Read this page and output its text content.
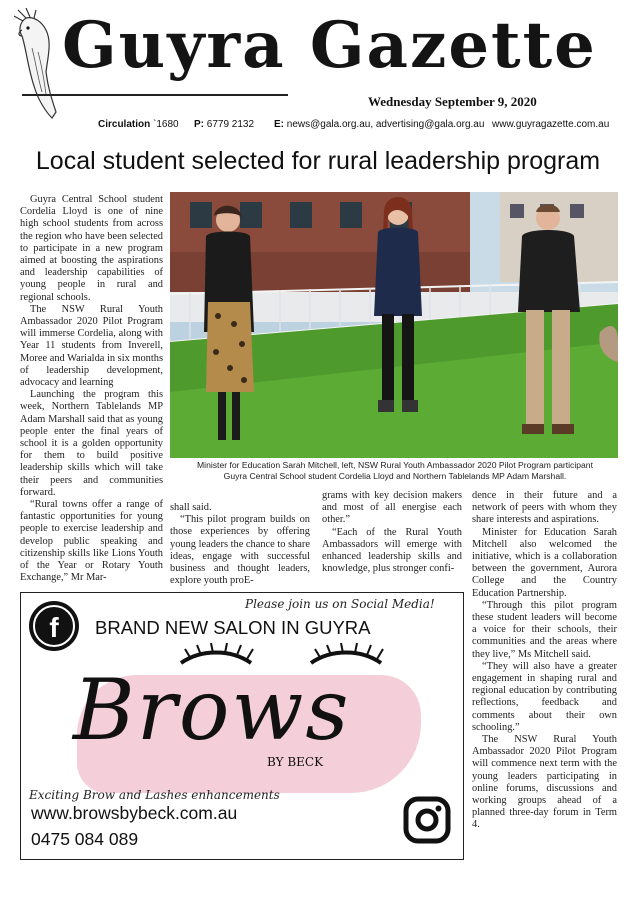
Guyra Gazette
Wednesday September 9, 2020
Circulation `1680 P: 6779 2132 E: news@gala.org.au, advertising@gala.org.au www.guyragazette.com.au
Local student selected for rural leadership program

Guyra Central School student Cordelia Lloyd is one of nine high school students from across the region who have been selected to participate in a new program aimed at boosting the aspirations and leadership capabilities of young people in rural and regional schools.

The NSW Rural Youth Ambassador 2020 Pilot Program will immerse Cordelia, along with Year 11 students from Inverell, Moree and Warialda in six months of leadership development, advocacy and learning

Launching the program this week, Northern Tablelands MP Adam Marshall said that as young people enter the final years of school it is a golden opportunity for them to build positive leadership skills which will take their peers and communities forward.

“Rural towns offer a range of fantastic opportunities for young people to exercise leadership and develop public speaking and citizenship skills like Lions Youth of the Year or Rotary Youth Exchange,” Mr Mar-

Minister for Education Sarah Mitchell, left, NSW Rural Youth Ambassador 2020 Pilot Program participant
Guyra Central School student Cordelia Lloyd and Northern Tablelands MP Adam Marshall.

shall said.

“This pilot program builds on those experiences by offering young leaders the chance to share ideas, engage with successful business and thought leaders, explore youth proE-

grams with key decision makers and most of all energise each other.”

“Each of the Rural Youth Ambassadors will emerge with enhanced leadership skills and knowledge, plus stronger confi-

dence in their future and a network of peers with whom they share interests and aspirations.

Minister for Education Sarah Mitchell also welcomed the initiative, which is a collaboration between the government, Aurora College and the Country Education Partnership.

“Through this pilot program these student leaders will become a voice for their schools, their communities and the areas where they live,” Ms Mitchell said.

“They will also have a greater engagement in shaping rural and regional education by contributing reflections, feedback and comments about their own schooling.”

The NSW Rural Youth Ambassador 2020 Pilot Program will commence next term with the young leaders participating in online forums, discussions and working groups ahead of a planned three-day forum in Term 4.

f
Please join us on Social Media!
BRAND NEW SALON IN GUYRA
Brows
BY BECK
Exciting Brow and Lashes enhancements
www.browsbybeck.com.au
0475 084 089
